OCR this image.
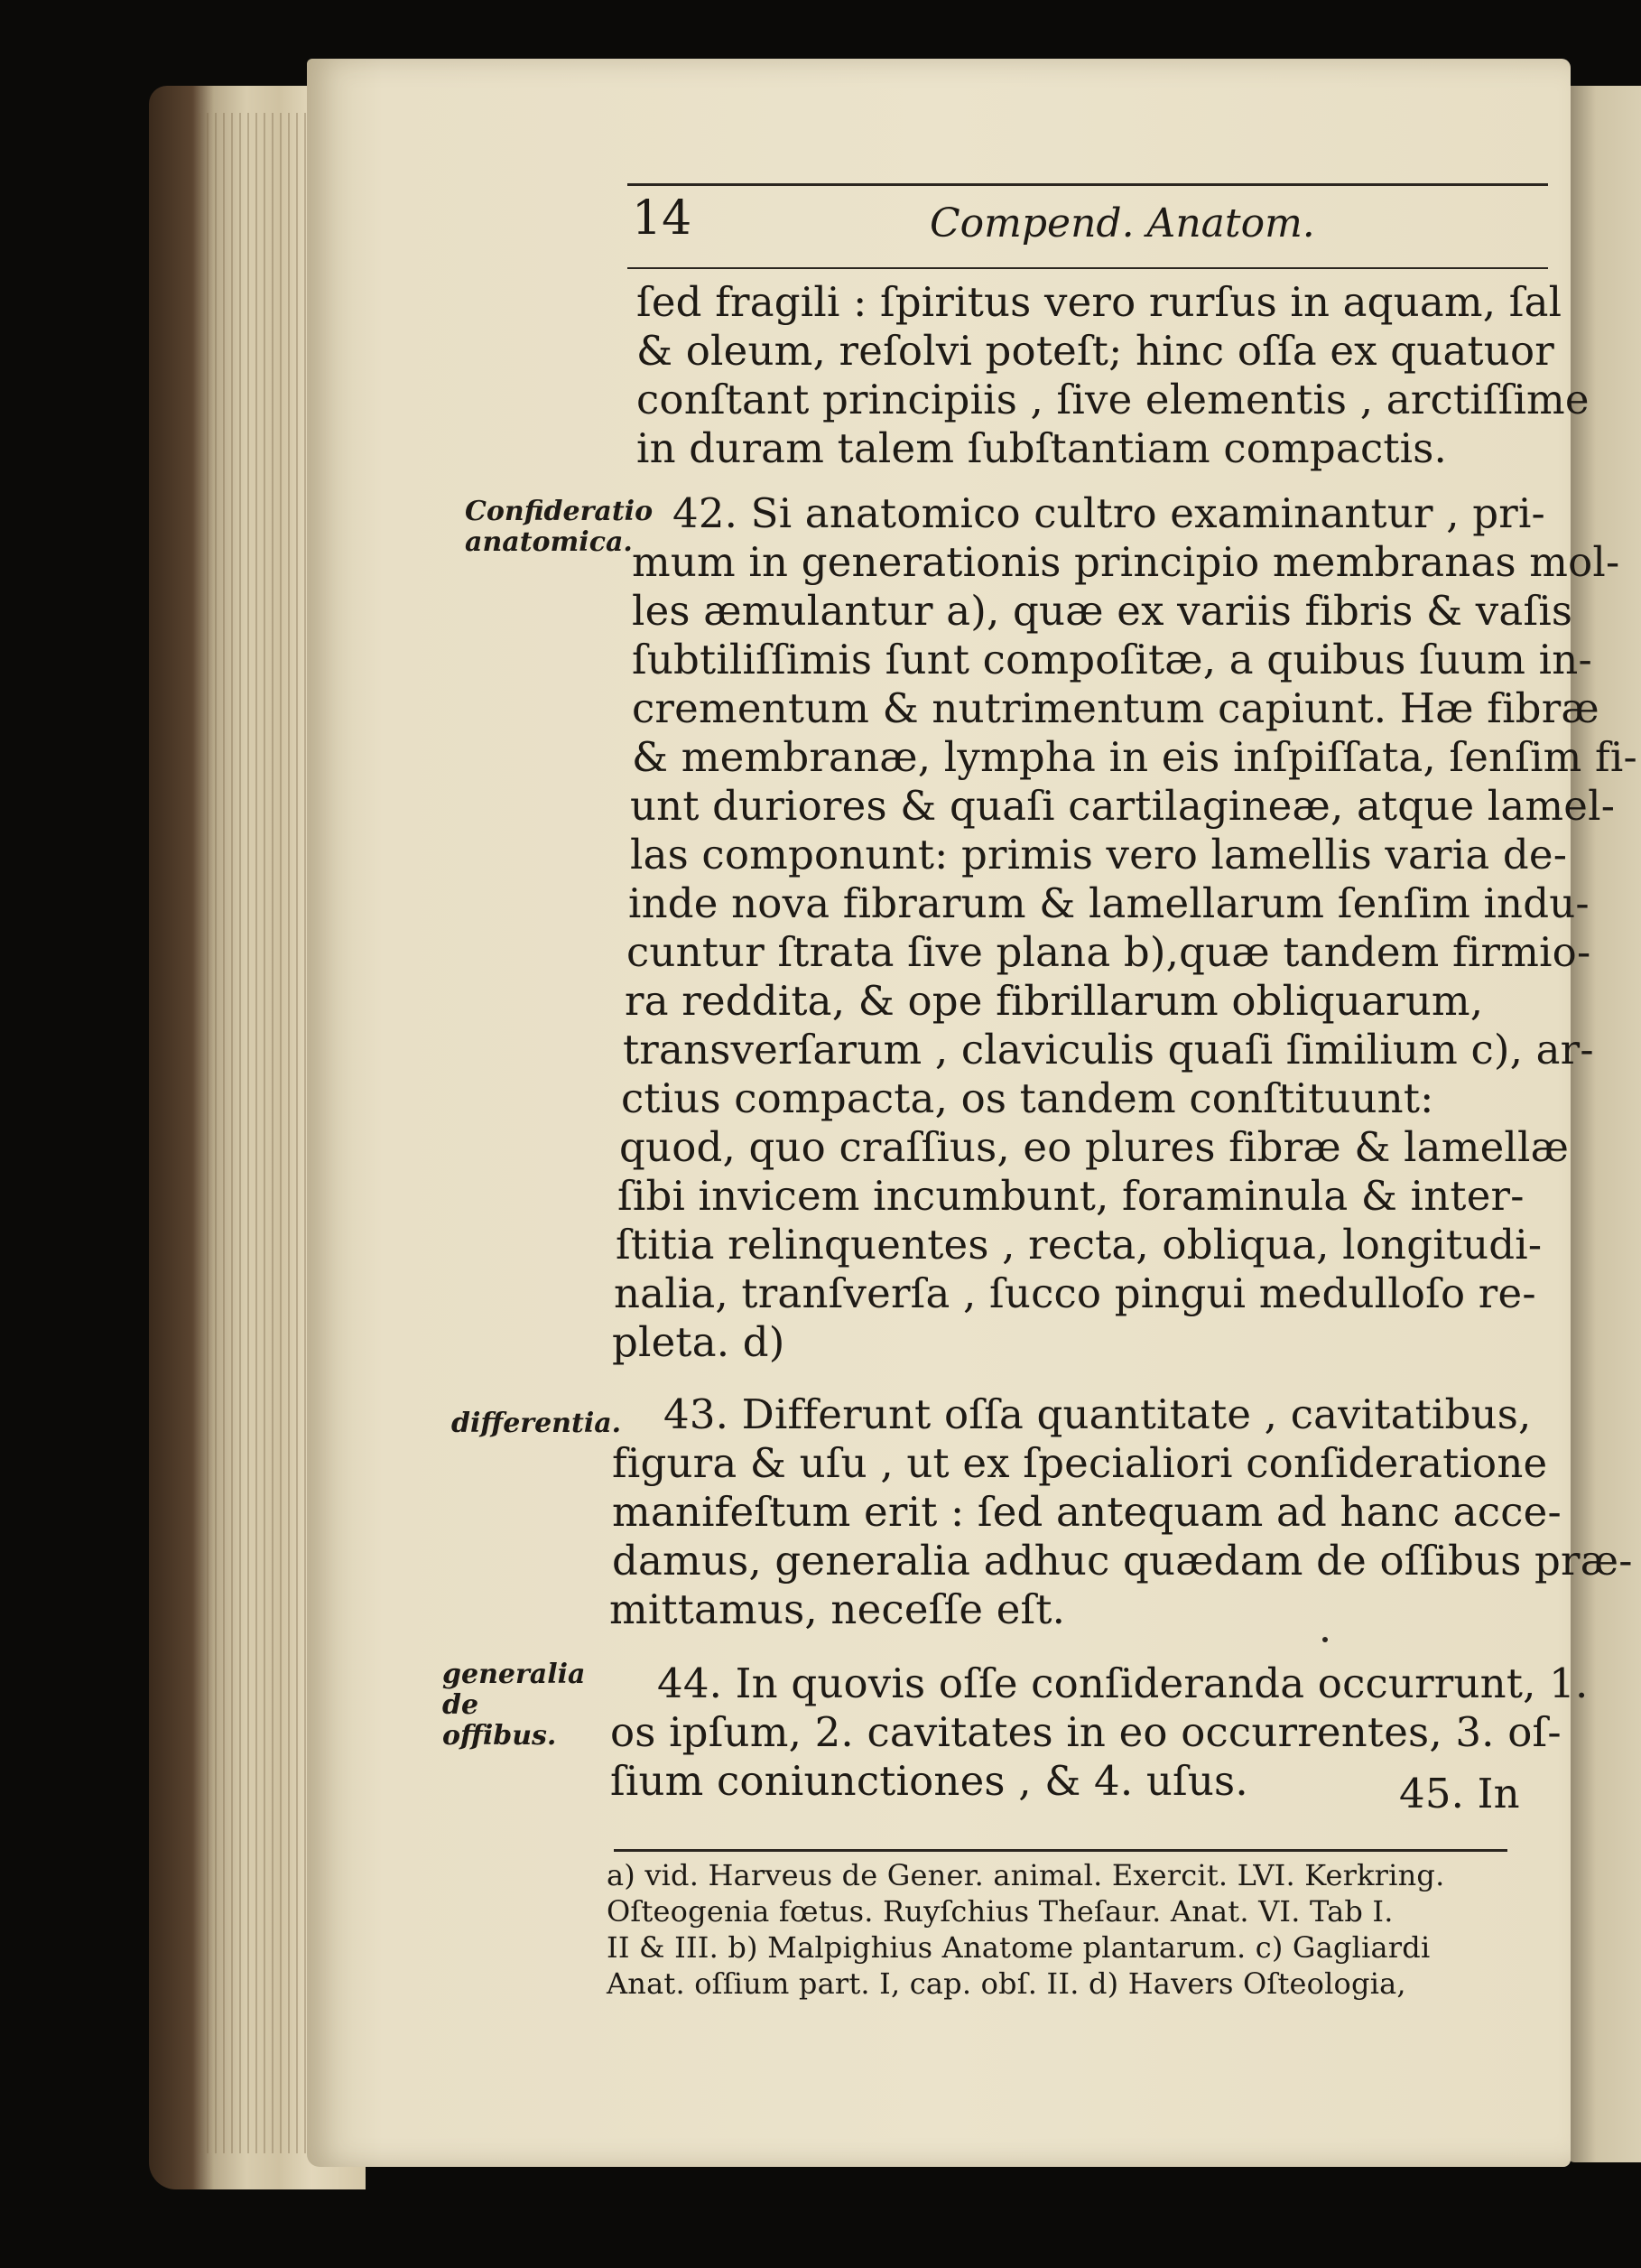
14	Compend. Anatom.
Confideratio anatomica.
differentia.
generalia de offibus.
ſed fragili : ſpiritus vero rurſus in aquam, ſal
& oleum, reſolvi poteſt; hinc oſſa ex quatuor
conſtant principiis , ſive elementis , arctiſſime
in duram talem ſubſtantiam compactis.
42. Si anatomico cultro examinantur , pri-
mum in generationis principio membranas mol-
les æmulantur a), quæ ex variis fibris & vaſis
ſubtiliſſimis ſunt compoſitæ, a quibus ſuum in-
crementum & nutrimentum capiunt. Hæ fibræ
& membranæ, lympha in eis inſpiſſata, ſenſim fi-
unt duriores & quaſi cartilagineæ, atque lamel-
las componunt: primis vero lamellis varia de-
inde nova fibrarum & lamellarum ſenſim indu-
cuntur ſtrata ſive plana b),quæ tandem firmio-
ra reddita, & ope fibrillarum obliquarum,
transverſarum , claviculis quaſi ſimilium c), ar-
ctius compacta, os tandem conſtituunt:
quod, quo craſſius, eo plures fibræ & lamellæ
ſibi invicem incumbunt, foraminula & inter-
ſtitia relinquentes , recta, obliqua, longitudi-
nalia, tranſverſa , ſucco pingui medulloſo re-
pleta. d)
43. Differunt oſſa quantitate , cavitatibus,
figura & uſu , ut ex ſpecialiori conſideratione
manifeſtum erit : ſed antequam ad hanc acce-
damus, generalia adhuc quædam de oſſibus præ-
mittamus, neceſſe eſt.
44. In quovis oſſe conſideranda occurrunt, 1.
os ipſum, 2. cavitates in eo occurrentes, 3. oſ-
ſium coniunctiones , & 4. uſus.	45. In
a) vid. Harveus de Gener. animal. Exercit. LVI. Kerkring.
Oſteogenia fœtus. Ruyſchius Theſaur. Anat. VI. Tab I.
II & III. b) Malpighius Anatome plantarum. c) Gagliardi
Anat. oſſium part. I, cap. obſ. II. d) Havers Oſteologia,
